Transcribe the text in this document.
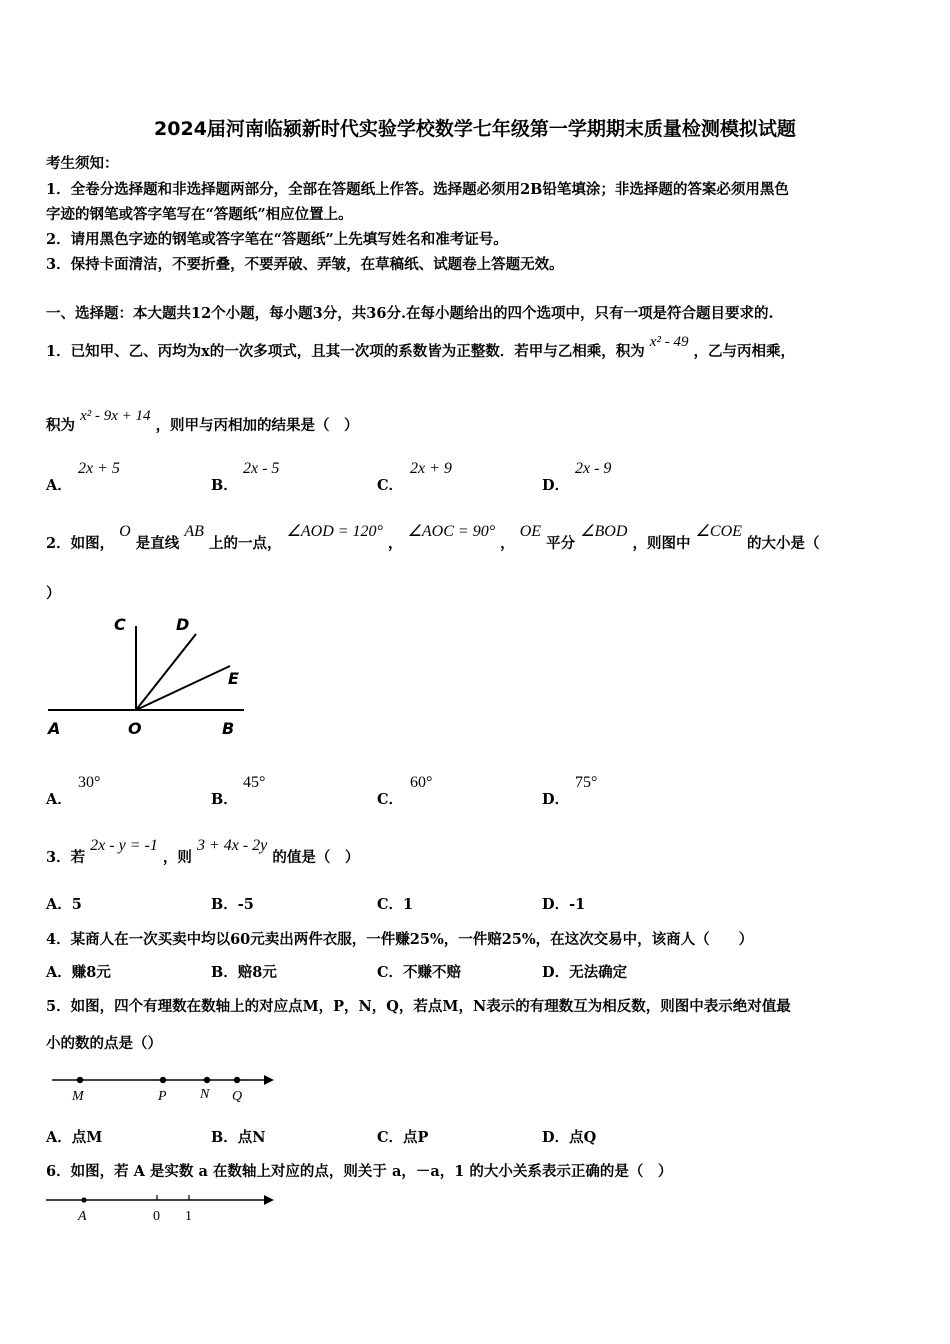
2024届河南临颍新时代实验学校数学七年级第一学期期末质量检测模拟试题
考生须知：
1．全卷分选择题和非选择题两部分，全部在答题纸上作答。选择题必须用2B铅笔填涂；非选择题的答案必须用黑色
字迹的钢笔或答字笔写在“答题纸”相应位置上。
2．请用黑色字迹的钢笔或答字笔在“答题纸”上先填写姓名和准考证号。
3．保持卡面清洁，不要折叠，不要弄破、弄皱，在草稿纸、试题卷上答题无效。
一、选择题：本大题共12个小题，每小题3分，共36分.在每小题给出的四个选项中，只有一项是符合题目要求的.
1．已知甲、乙、丙均为x的一次多项式，且其一次项的系数皆为正整数．若甲与乙相乘，积为 x² - 49 ，乙与丙相乘，
积为 x² - 9x + 14 ，则甲与丙相加的结果是（　）
A．
2x + 5
B．
2x - 5
C．
2x + 9
D．
2x - 9
2．如图， O 是直线 AB 上的一点， ∠AOD = 120° ， ∠AOC = 90° ， OE 平分 ∠BOD ，则图中 ∠COE 的大小是（
）
A	O	B
C	D
E
A．
30°
B．
45°
C．
60°
D．
75°
3．若 2x - y = -1 ，则 3 + 4x - 2y 的值是（　）
A．5	B．-5	C．1	D．-1
4．某商人在一次买卖中均以60元卖出两件衣服，一件赚25%，一件赔25%，在这次交易中，该商人（　　）
A．赚8元	B．赔8元	C．不赚不赔	D．无法确定
5．如图，四个有理数在数轴上的对应点M，P，N，Q，若点M，N表示的有理数互为相反数，则图中表示绝对值最
小的数的点是（）
M	P N Q
A．点M	B．点N	C．点P	D．点Q
6．如图，若 A 是实数 a 在数轴上对应的点，则关于 a，－a，1 的大小关系表示正确的是（　）
A	0 1
